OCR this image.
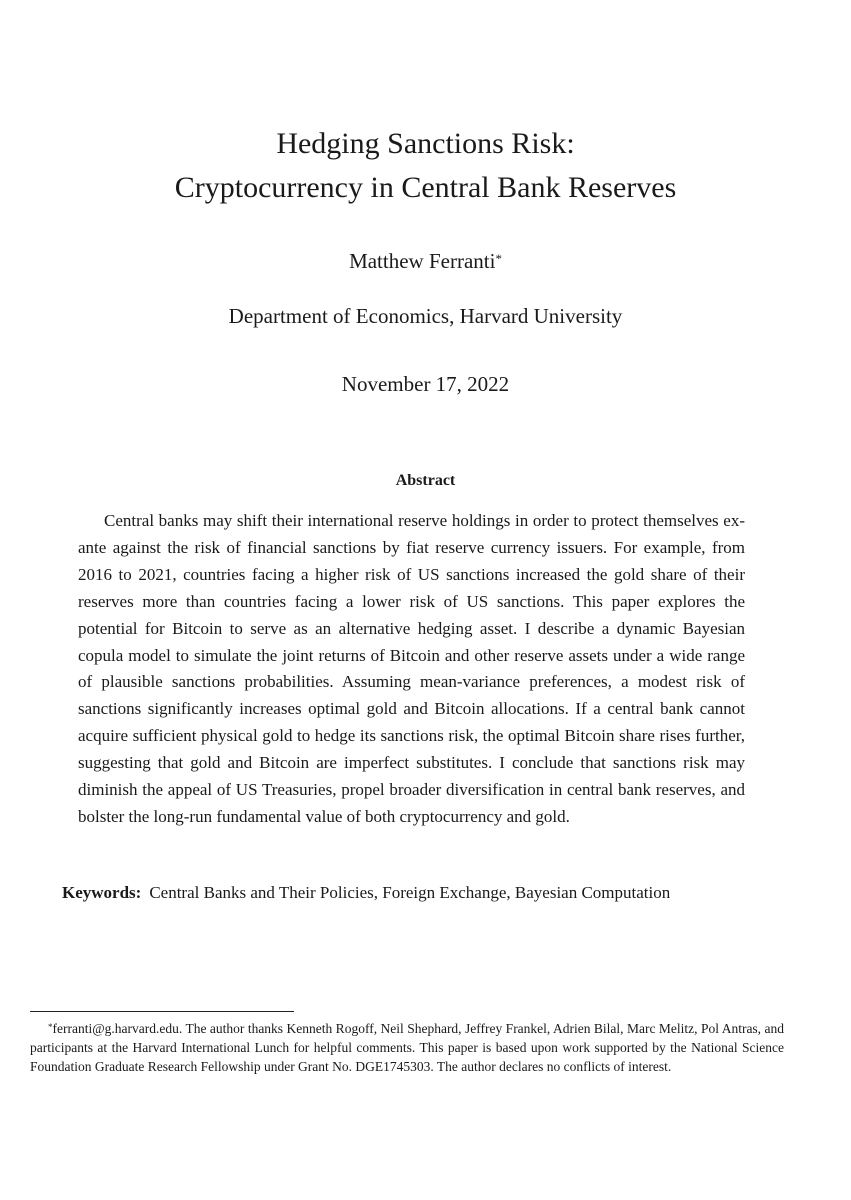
Hedging Sanctions Risk:
Cryptocurrency in Central Bank Reserves
Matthew Ferranti*
Department of Economics, Harvard University
November 17, 2022
Abstract

Central banks may shift their international reserve holdings in order to protect themselves ex-ante against the risk of financial sanctions by fiat reserve currency issuers. For example, from 2016 to 2021, countries facing a higher risk of US sanctions increased the gold share of their reserves more than countries facing a lower risk of US sanctions. This paper explores the potential for Bitcoin to serve as an alternative hedging asset. I describe a dynamic Bayesian copula model to simulate the joint returns of Bitcoin and other reserve assets under a wide range of plausible sanctions probabilities. Assuming mean-variance preferences, a modest risk of sanctions significantly increases optimal gold and Bitcoin allocations. If a central bank cannot acquire sufficient physical gold to hedge its sanctions risk, the optimal Bitcoin share rises further, suggesting that gold and Bitcoin are imperfect substitutes. I conclude that sanctions risk may diminish the appeal of US Treasuries, propel broader diversification in central bank reserves, and bolster the long-run fundamental value of both cryptocurrency and gold.

Keywords: Central Banks and Their Policies, Foreign Exchange, Bayesian Computation

*ferranti@g.harvard.edu. The author thanks Kenneth Rogoff, Neil Shephard, Jeffrey Frankel, Adrien Bilal, Marc Melitz, Pol Antras, and participants at the Harvard International Lunch for helpful comments. This paper is based upon work supported by the National Science Foundation Graduate Research Fellowship under Grant No. DGE1745303. The author declares no conflicts of interest.
